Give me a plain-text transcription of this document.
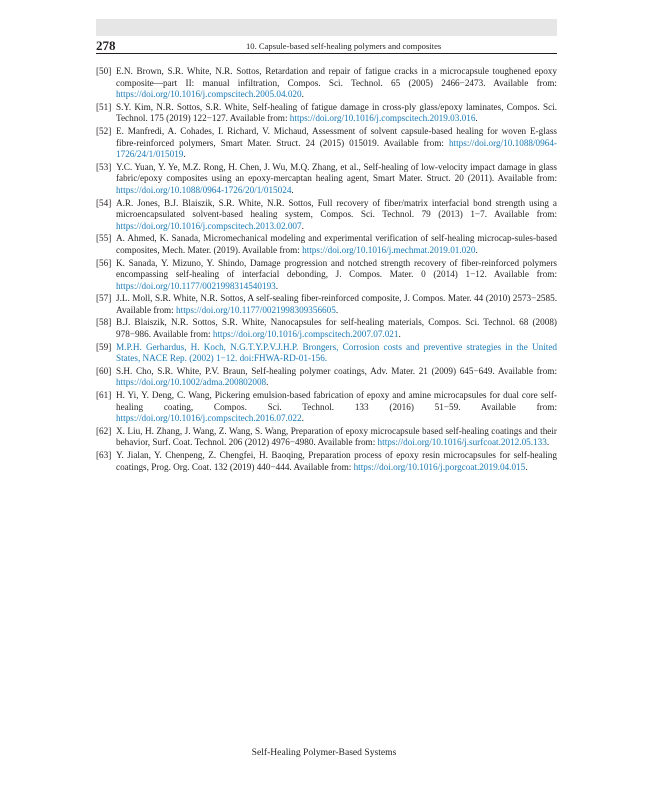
278	10. Capsule-based self-healing polymers and composites
[50] E.N. Brown, S.R. White, N.R. Sottos, Retardation and repair of fatigue cracks in a microcapsule toughened epoxy composite—part II: manual infiltration, Compos. Sci. Technol. 65 (2005) 2466−2473. Available from: https://doi.org/10.1016/j.compscitech.2005.04.020.
[51] S.Y. Kim, N.R. Sottos, S.R. White, Self-healing of fatigue damage in cross-ply glass/epoxy laminates, Compos. Sci. Technol. 175 (2019) 122−127. Available from: https://doi.org/10.1016/j.compscitech.2019.03.016.
[52] E. Manfredi, A. Cohades, I. Richard, V. Michaud, Assessment of solvent capsule-based healing for woven E-glass fibre-reinforced polymers, Smart Mater. Struct. 24 (2015) 015019. Available from: https://doi.org/10.1088/0964-1726/24/1/015019.
[53] Y.C. Yuan, Y. Ye, M.Z. Rong, H. Chen, J. Wu, M.Q. Zhang, et al., Self-healing of low-velocity impact damage in glass fabric/epoxy composites using an epoxy-mercaptan healing agent, Smart Mater. Struct. 20 (2011). Available from: https://doi.org/10.1088/0964-1726/20/1/015024.
[54] A.R. Jones, B.J. Blaiszik, S.R. White, N.R. Sottos, Full recovery of fiber/matrix interfacial bond strength using a microencapsulated solvent-based healing system, Compos. Sci. Technol. 79 (2013) 1−7. Available from: https://doi.org/10.1016/j.compscitech.2013.02.007.
[55] A. Ahmed, K. Sanada, Micromechanical modeling and experimental verification of self-healing microcap-sules-based composites, Mech. Mater. (2019). Available from: https://doi.org/10.1016/j.mechmat.2019.01.020.
[56] K. Sanada, Y. Mizuno, Y. Shindo, Damage progression and notched strength recovery of fiber-reinforced polymers encompassing self-healing of interfacial debonding, J. Compos. Mater. 0 (2014) 1−12. Available from: https://doi.org/10.1177/0021998314540193.
[57] J.L. Moll, S.R. White, N.R. Sottos, A self-sealing fiber-reinforced composite, J. Compos. Mater. 44 (2010) 2573−2585. Available from: https://doi.org/10.1177/0021998309356605.
[58] B.J. Blaiszik, N.R. Sottos, S.R. White, Nanocapsules for self-healing materials, Compos. Sci. Technol. 68 (2008) 978−986. Available from: https://doi.org/10.1016/j.compscitech.2007.07.021.
[59] M.P.H. Gerhardus, H. Koch, N.G.T.Y.P.V.J.H.P. Brongers, Corrosion costs and preventive strategies in the United States, NACE Rep. (2002) 1−12. doi:FHWA-RD-01-156.
[60] S.H. Cho, S.R. White, P.V. Braun, Self-healing polymer coatings, Adv. Mater. 21 (2009) 645−649. Available from: https://doi.org/10.1002/adma.200802008.
[61] H. Yi, Y. Deng, C. Wang, Pickering emulsion-based fabrication of epoxy and amine microcapsules for dual core self-healing coating, Compos. Sci. Technol. 133 (2016) 51−59. Available from: https://doi.org/10.1016/j.compscitech.2016.07.022.
[62] X. Liu, H. Zhang, J. Wang, Z. Wang, S. Wang, Preparation of epoxy microcapsule based self-healing coatings and their behavior, Surf. Coat. Technol. 206 (2012) 4976−4980. Available from: https://doi.org/10.1016/j.surfcoat.2012.05.133.
[63] Y. Jialan, Y. Chenpeng, Z. Chengfei, H. Baoqing, Preparation process of epoxy resin microcapsules for self-healing coatings, Prog. Org. Coat. 132 (2019) 440−444. Available from: https://doi.org/10.1016/j.porgcoat.2019.04.015.
Self-Healing Polymer-Based Systems
